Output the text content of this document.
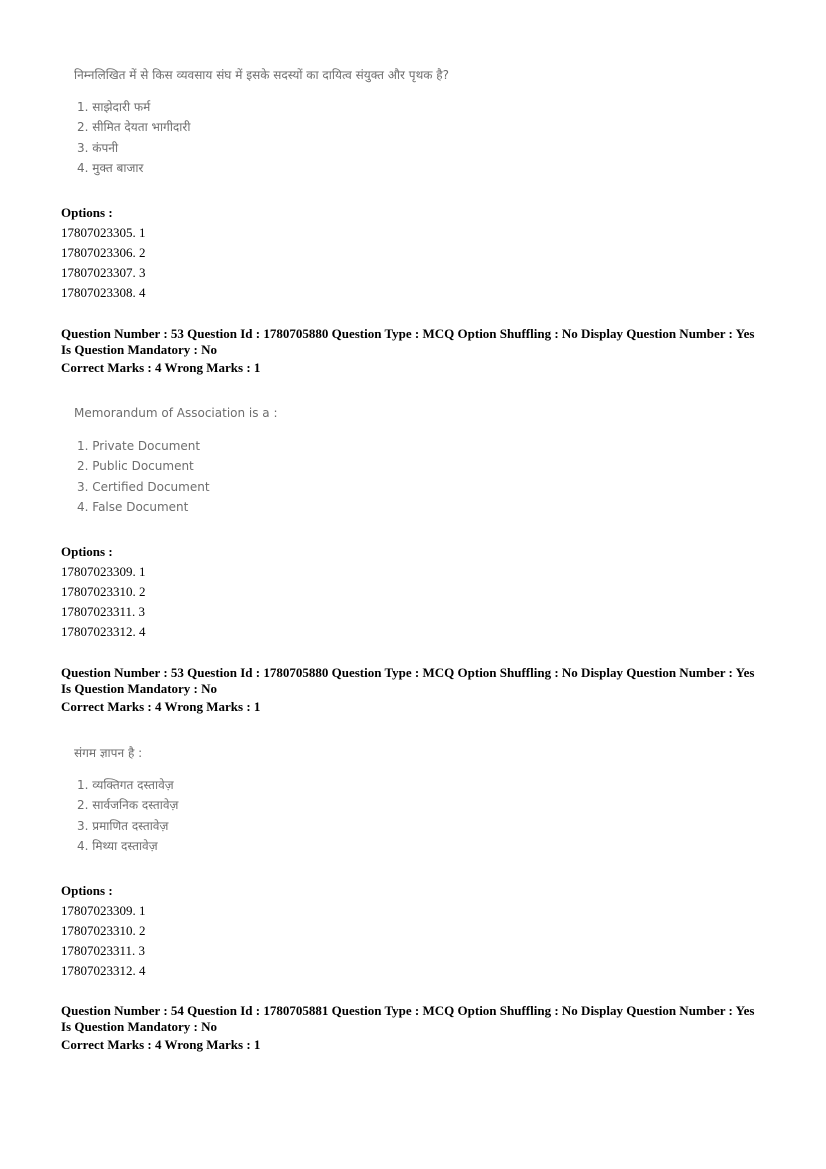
निम्नलिखित में से किस व्यवसाय संघ में इसके सदस्यों का दायित्व संयुक्त और पृथक है?
1. साझेदारी फर्म
2. सीमित देयता भागीदारी
3. कंपनी
4. मुक्त बाजार
Options :
17807023305. 1
17807023306. 2
17807023307. 3
17807023308. 4
Question Number : 53 Question Id : 1780705880 Question Type : MCQ Option Shuffling : No Display Question Number : Yes
Is Question Mandatory : No
Correct Marks : 4 Wrong Marks : 1
Memorandum of Association is a :
1. Private Document
2. Public Document
3. Certified Document
4. False Document
Options :
17807023309. 1
17807023310. 2
17807023311. 3
17807023312. 4
Question Number : 53 Question Id : 1780705880 Question Type : MCQ Option Shuffling : No Display Question Number : Yes
Is Question Mandatory : No
Correct Marks : 4 Wrong Marks : 1
संगम ज्ञापन है :
1. व्यक्तिगत दस्तावेज़
2. सार्वजनिक दस्तावेज़
3. प्रमाणित दस्तावेज़
4. मिथ्या दस्तावेज़
Options :
17807023309. 1
17807023310. 2
17807023311. 3
17807023312. 4
Question Number : 54 Question Id : 1780705881 Question Type : MCQ Option Shuffling : No Display Question Number : Yes
Is Question Mandatory : No
Correct Marks : 4 Wrong Marks : 1
